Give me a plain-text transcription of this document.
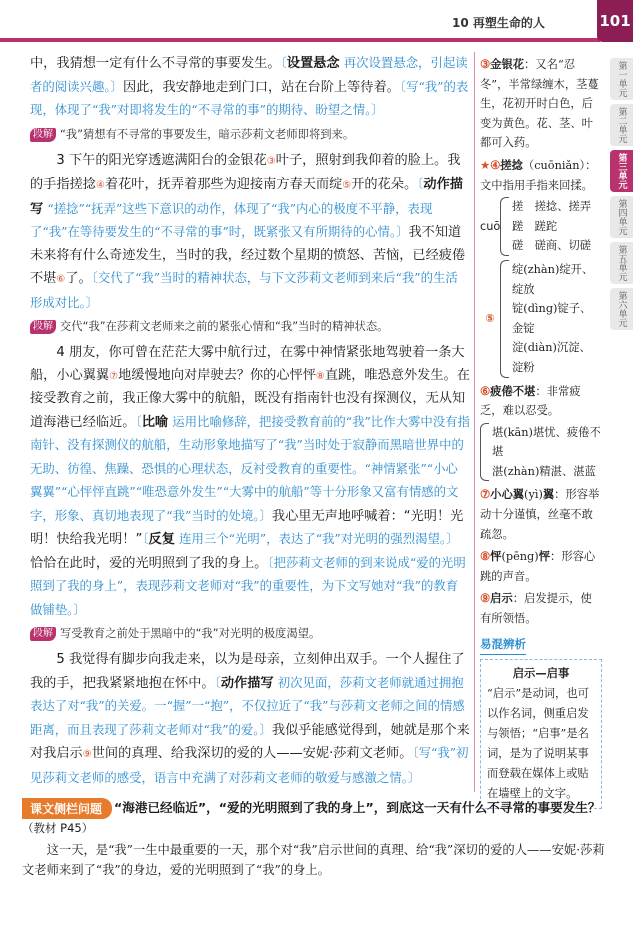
10 再塑生命的人	101
第一单元
第二单元
第三单元
第四单元
第五单元
第六单元

中，我猜想一定有什么不寻常的事要发生。〔设置悬念 再次设置悬念，引起读者的阅读兴趣。〕因此，我安静地走到门口，站在台阶上等待着。〔写“我”的表现，体现了“我”对即将发生的“不寻常的事”的期待、盼望之情。〕

段解 “我”猜想有不寻常的事要发生，暗示莎莉文老师即将到来。

3 下午的阳光穿透遮满阳台的金银花③叶子，照射到我仰着的脸上。我的手指搓捻④着花叶，抚弄着那些为迎接南方春天而绽⑤开的花朵。〔动作描写 “搓捻”“抚弄”这些下意识的动作，体现了“我”内心的极度不平静，表现了“我”在等待要发生的“不寻常的事”时，既紧张又有所期待的心情。〕我不知道未来将有什么奇迹发生，当时的我，经过数个星期的愤怒、苦恼，已经疲倦不堪⑥了。〔交代了“我”当时的精神状态，与下文莎莉文老师到来后“我”的生活形成对比。〕

段解 交代“我”在莎莉文老师来之前的紧张心情和“我”当时的精神状态。

4 朋友，你可曾在茫茫大雾中航行过，在雾中神情紧张地驾驶着一条大船，小心翼翼⑦地缓慢地向对岸驶去？你的心怦怦⑧直跳，唯恐意外发生。在接受教育之前，我正像大雾中的航船，既没有指南针也没有探测仪，无从知道海港已经临近。〔比喻 运用比喻修辞，把接受教育前的“我”比作大雾中没有指南针、没有探测仪的航船，生动形象地描写了“我”当时处于寂静而黑暗世界中的无助、彷徨、焦躁、恐惧的心理状态，反衬受教育的重要性。“神情紧张”“小心翼翼”“心怦怦直跳”“唯恐意外发生”“大雾中的航船”等十分形象又富有情感的文字，形象、真切地表现了“我”当时的处境。〕我心里无声地呼喊着：“光明！光明！快给我光明！”〔反复 连用三个“光明”，表达了“我”对光明的强烈渴望。〕恰恰在此时，爱的光明照到了我的身上。〔把莎莉文老师的到来说成“爱的光明照到了我的身上”，表现莎莉文老师对“我”的重要性，为下文写她对“我”的教育做铺垫。〕

段解 写受教育之前处于黑暗中的“我”对光明的极度渴望。

5 我觉得有脚步向我走来，以为是母亲，立刻伸出双手。一个人握住了我的手，把我紧紧地抱在怀中。〔动作描写 初次见面，莎莉文老师就通过拥抱表达了对“我”的关爱。一“握”一“抱”，不仅拉近了“我”与莎莉文老师之间的情感距离，而且表现了莎莉文老师对“我”的爱。〕我似乎能感觉得到，她就是那个来对我启示⑨世间的真理、给我深切的爱的人——安妮·莎莉文老师。〔写“我”初见莎莉文老师的感受，语言中充满了对莎莉文老师的敬爱与感激之情。〕

③金银花：又名“忍冬”，半常绿缠木，茎蔓生，花初开时白色，后变为黄色。花、茎、叶都可入药。
★④搓捻（cuōniǎn）：文中指用手指来回揉。
cuō
搓　搓捻、搓弄
蹉　蹉跎
磋　磋商、切磋
⑤
绽(zhàn)绽开、绽放
锭(dìng)锭子、金锭
淀(diàn)沉淀、淀粉
⑥疲倦不堪：非常疲乏，难以忍受。
堪(kān)堪忧、疲倦不堪
湛(zhàn)精湛、湛蓝
⑦小心翼(yì)翼：形容举动十分谨慎，丝毫不敢疏忽。
⑧怦(pēng)怦：形容心跳的声音。
⑨启示：启发提示，使有所领悟。
易混辨析
启示—启事
“启示”是动词，也可以作名词，侧重启发与领悟；“启事”是名词，是为了说明某事而登载在媒体上或贴在墙壁上的文字。
“海港已经临近”，“爱的光明照到了我的身上”，到底这一天有什么不寻常的事要发生？（教材 P45）
课文侧栏问题
这一天，是“我”一生中最重要的一天，那个对“我”启示世间的真理、给“我”深切的爱的人——安妮·莎莉文老师来到了“我”的身边，爱的光明照到了“我”的身上。
